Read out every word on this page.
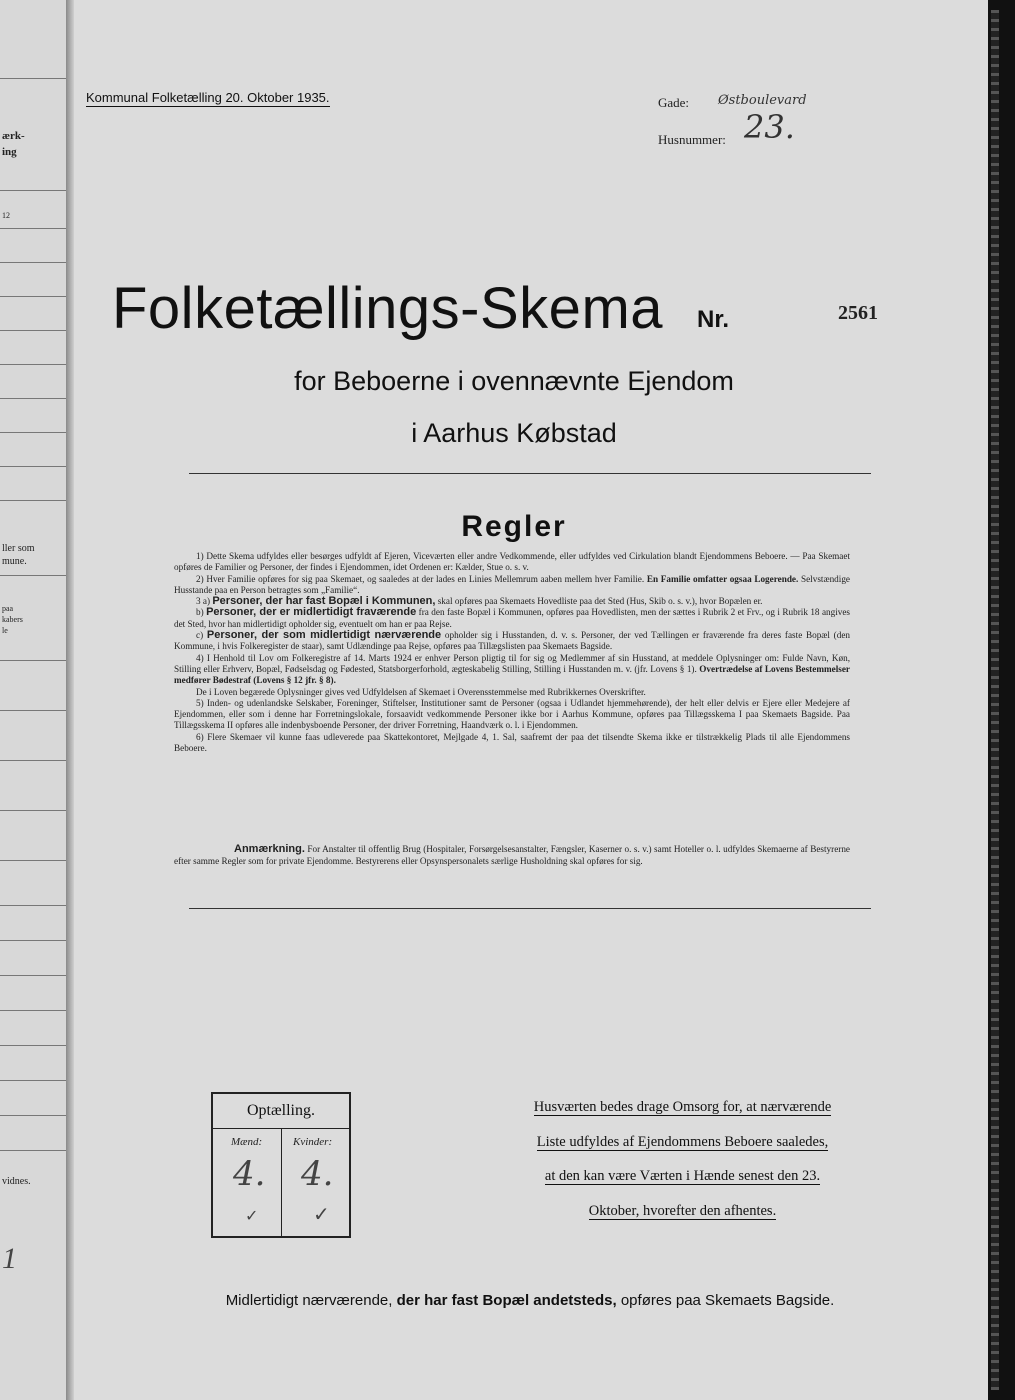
ærk-
ing
12
ller som
mune.
paa
kabers
le
vidnes.
1
Kommunal Folketælling 20. Oktober 1935.	Gade: Østboulevard
Husnummer: 23.
Folketællings-Skema Nr.	2561
for Beboerne i ovennævnte Ejendom
i Aarhus Købstad
Regler

1) Dette Skema udfyldes eller besørges udfyldt af Ejeren, Viceværten eller andre Vedkommende, eller udfyldes ved Cirkulation blandt Ejendommens Beboere. — Paa Skemaet opføres de Familier og Personer, der findes i Ejendommen, idet Ordenen er: Kælder, Stue o. s. v.

2) Hver Familie opføres for sig paa Skemaet, og saaledes at der lades en Linies Mellemrum aaben mellem hver Familie. En Familie omfatter ogsaa Logerende. Selvstændige Husstande paa en Person betragtes som „Familie“.

3 a) Personer, der har fast Bopæl i Kommunen, skal opføres paa Skemaets Hovedliste paa det Sted (Hus, Skib o. s. v.), hvor Bopælen er.

b) Personer, der er midlertidigt fraværende fra den faste Bopæl i Kommunen, opføres paa Hovedlisten, men der sættes i Rubrik 2 et Frv., og i Rubrik 18 angives det Sted, hvor han midlertidigt opholder sig, eventuelt om han er paa Rejse.

c) Personer, der som midlertidigt nærværende opholder sig i Husstanden, d. v. s. Personer, der ved Tællingen er fraværende fra deres faste Bopæl (den Kommune, i hvis Folkeregister de staar), samt Udlændinge paa Rejse, opføres paa Tillægslisten paa Skemaets Bagside.

4) I Henhold til Lov om Folkeregistre af 14. Marts 1924 er enhver Person pligtig til for sig og Medlemmer af sin Husstand, at meddele Oplysninger om: Fulde Navn, Køn, Stilling eller Erhverv, Bopæl, Fødselsdag og Fødested, Statsborgerforhold, ægteskabelig Stilling, Stilling i Husstanden m. v. (jfr. Lovens § 1). Overtrædelse af Lovens Bestemmelser medfører Bødestraf (Lovens § 12 jfr. § 8).

De i Loven begærede Oplysninger gives ved Udfyldelsen af Skemaet i Overensstemmelse med Rubrikkernes Overskrifter.

5) Inden- og udenlandske Selskaber, Foreninger, Stiftelser, Institutioner samt de Personer (ogsaa i Udlandet hjemmehørende), der helt eller delvis er Ejere eller Medejere af Ejendommen, eller som i denne har Forretningslokale, forsaavidt vedkommende Personer ikke bor i Aarhus Kommune, opføres paa Tillægsskema I paa Skemaets Bagside. Paa Tillægsskema II opføres alle indenbysboende Personer, der driver Forretning, Haandværk o. l. i Ejendommen.

6) Flere Skemaer vil kunne faas udleverede paa Skattekontoret, Mejlgade 4, 1. Sal, saafremt der paa det tilsendte Skema ikke er tilstrækkelig Plads til alle Ejendommens Beboere.

Anmærkning. For Anstalter til offentlig Brug (Hospitaler, Forsørgelsesanstalter, Fængsler, Kaserner o. s. v.) samt Hoteller o. l. udfyldes Skemaerne af Bestyrerne efter samme Regler som for private Ejendomme. Bestyrerens eller Opsynspersonalets særlige Husholdning skal opføres for sig.
Optælling.
Mænd:	Kvinder:
4. 4.
✓	✓
Husværten bedes drage Omsorg for, at nærværende
Liste udfyldes af Ejendommens Beboere saaledes,
at den kan være Værten i Hænde senest den 23.
Oktober, hvorefter den afhentes.
Midlertidigt nærværende, der har fast Bopæl andetsteds, opføres paa Skemaets Bagside.
